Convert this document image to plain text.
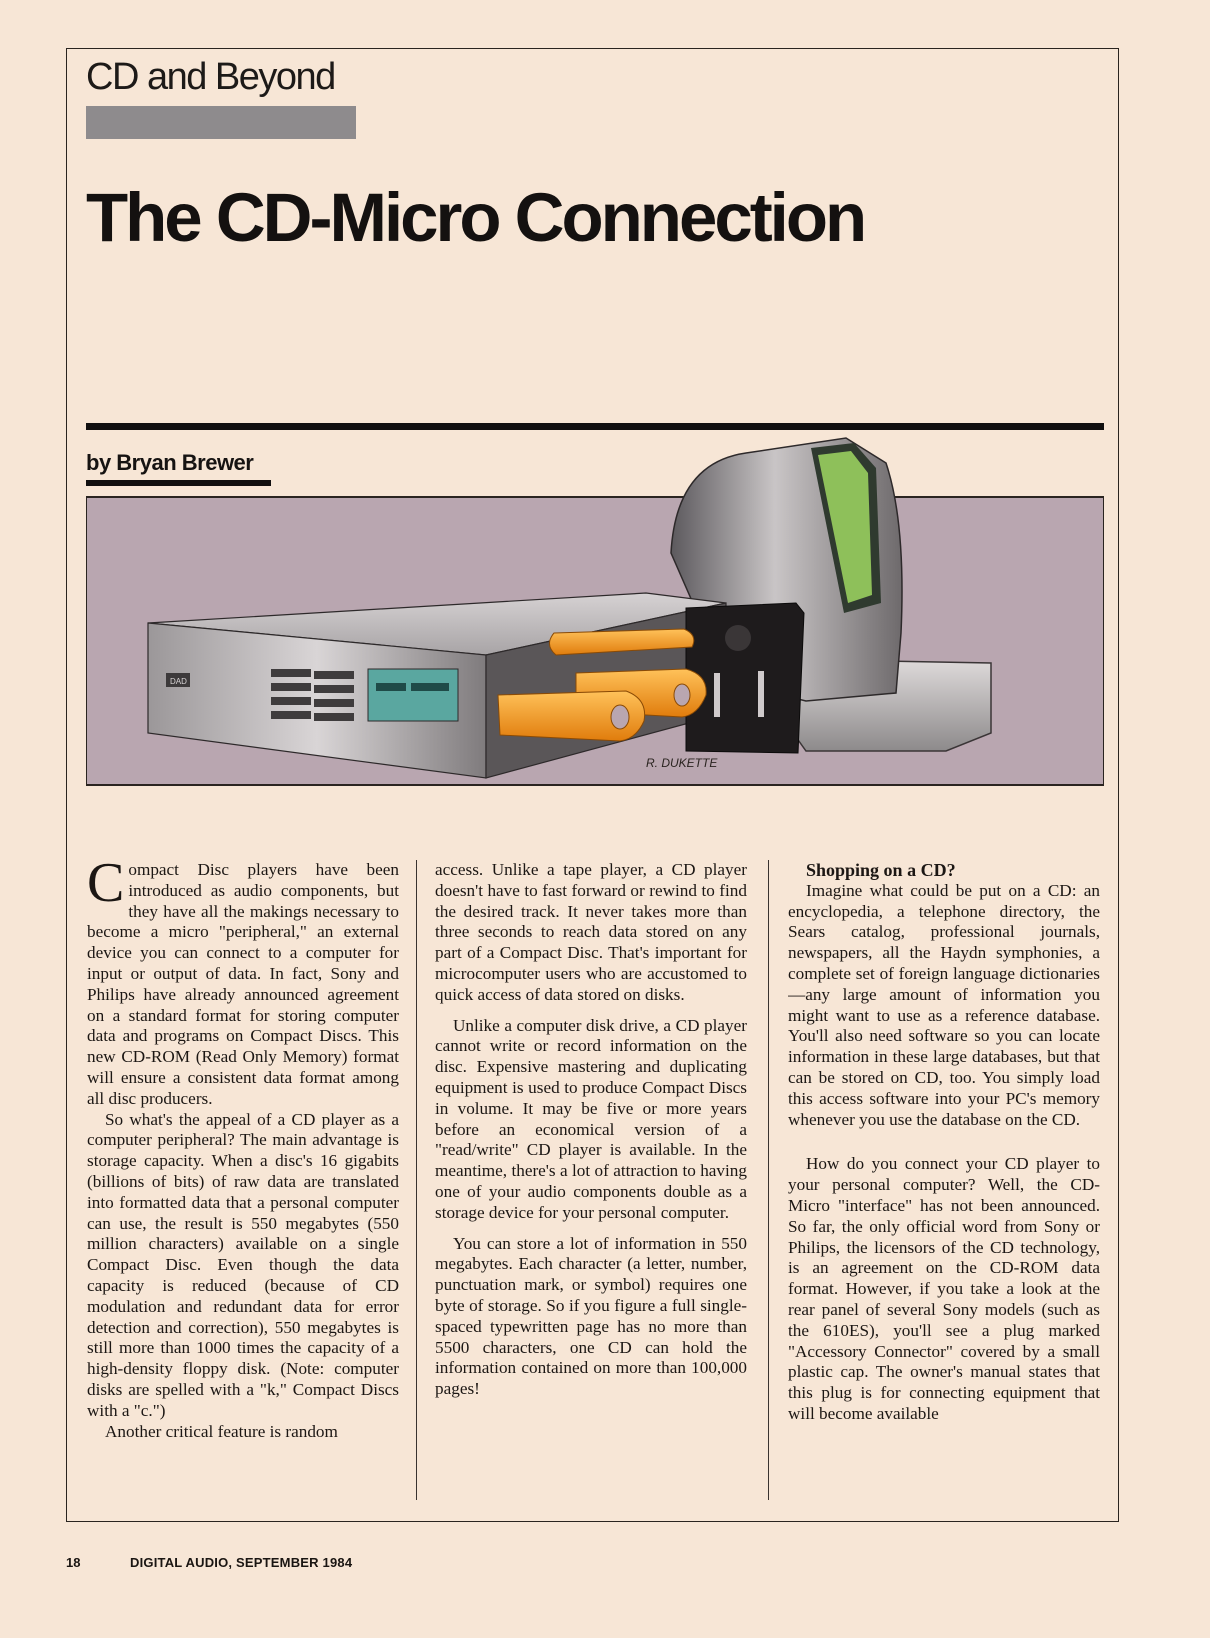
CD and Beyond
The CD-Micro Connection
DAD
R. DUKETTE

by Bryan Brewer

Compact Disc players have been introduced as audio components, but they have all the makings necessary to become a micro "peripheral," an external device you can connect to a computer for input or output of data. In fact, Sony and Philips have already announced agreement on a standard format for storing computer data and programs on Compact Discs. This new CD-ROM (Read Only Memory) format will ensure a consistent data format among all disc producers.

So what's the appeal of a CD player as a computer peripheral? The main advantage is storage capacity. When a disc's 16 gigabits (billions of bits) of raw data are translated into formatted data that a personal computer can use, the result is 550 megabytes (550 million characters) available on a single Compact Disc. Even though the data capacity is reduced (because of CD modulation and redundant data for error detection and correction), 550 megabytes is still more than 1000 times the capacity of a high-density floppy disk. (Note: computer disks are spelled with a "k," Compact Discs with a "c.")

Another critical feature is random

access. Unlike a tape player, a CD player doesn't have to fast forward or rewind to find the desired track. It never takes more than three seconds to reach data stored on any part of a Compact Disc. That's important for microcomputer users who are accustomed to quick access of data stored on disks.

Unlike a computer disk drive, a CD player cannot write or record information on the disc. Expensive mastering and duplicating equipment is used to produce Compact Discs in volume. It may be five or more years before an economical version of a "read/write" CD player is available. In the meantime, there's a lot of attraction to having one of your audio components double as a storage device for your personal computer.

You can store a lot of information in 550 megabytes. Each character (a letter, number, punctuation mark, or symbol) requires one byte of storage. So if you figure a full single-spaced typewritten page has no more than 5500 characters, one CD can hold the information contained on more than 100,000 pages!

Shopping on a CD?

Imagine what could be put on a CD: an encyclopedia, a telephone directory, the Sears catalog, professional journals, newspapers, all the Haydn symphonies, a complete set of foreign language dictionaries—any large amount of information you might want to use as a reference database. You'll also need software so you can locate information in these large databases, but that can be stored on CD, too. You simply load this access software into your PC's memory whenever you use the database on the CD.

How do you connect your CD player to your personal computer? Well, the CD-Micro "interface" has not been announced. So far, the only official word from Sony or Philips, the licensors of the CD technology, is an agreement on the CD-ROM data format. However, if you take a look at the rear panel of several Sony models (such as the 610ES), you'll see a plug marked "Accessory Connector" covered by a small plastic cap. The owner's manual states that this plug is for connecting equipment that will become available

18	DIGITAL AUDIO, SEPTEMBER 1984
